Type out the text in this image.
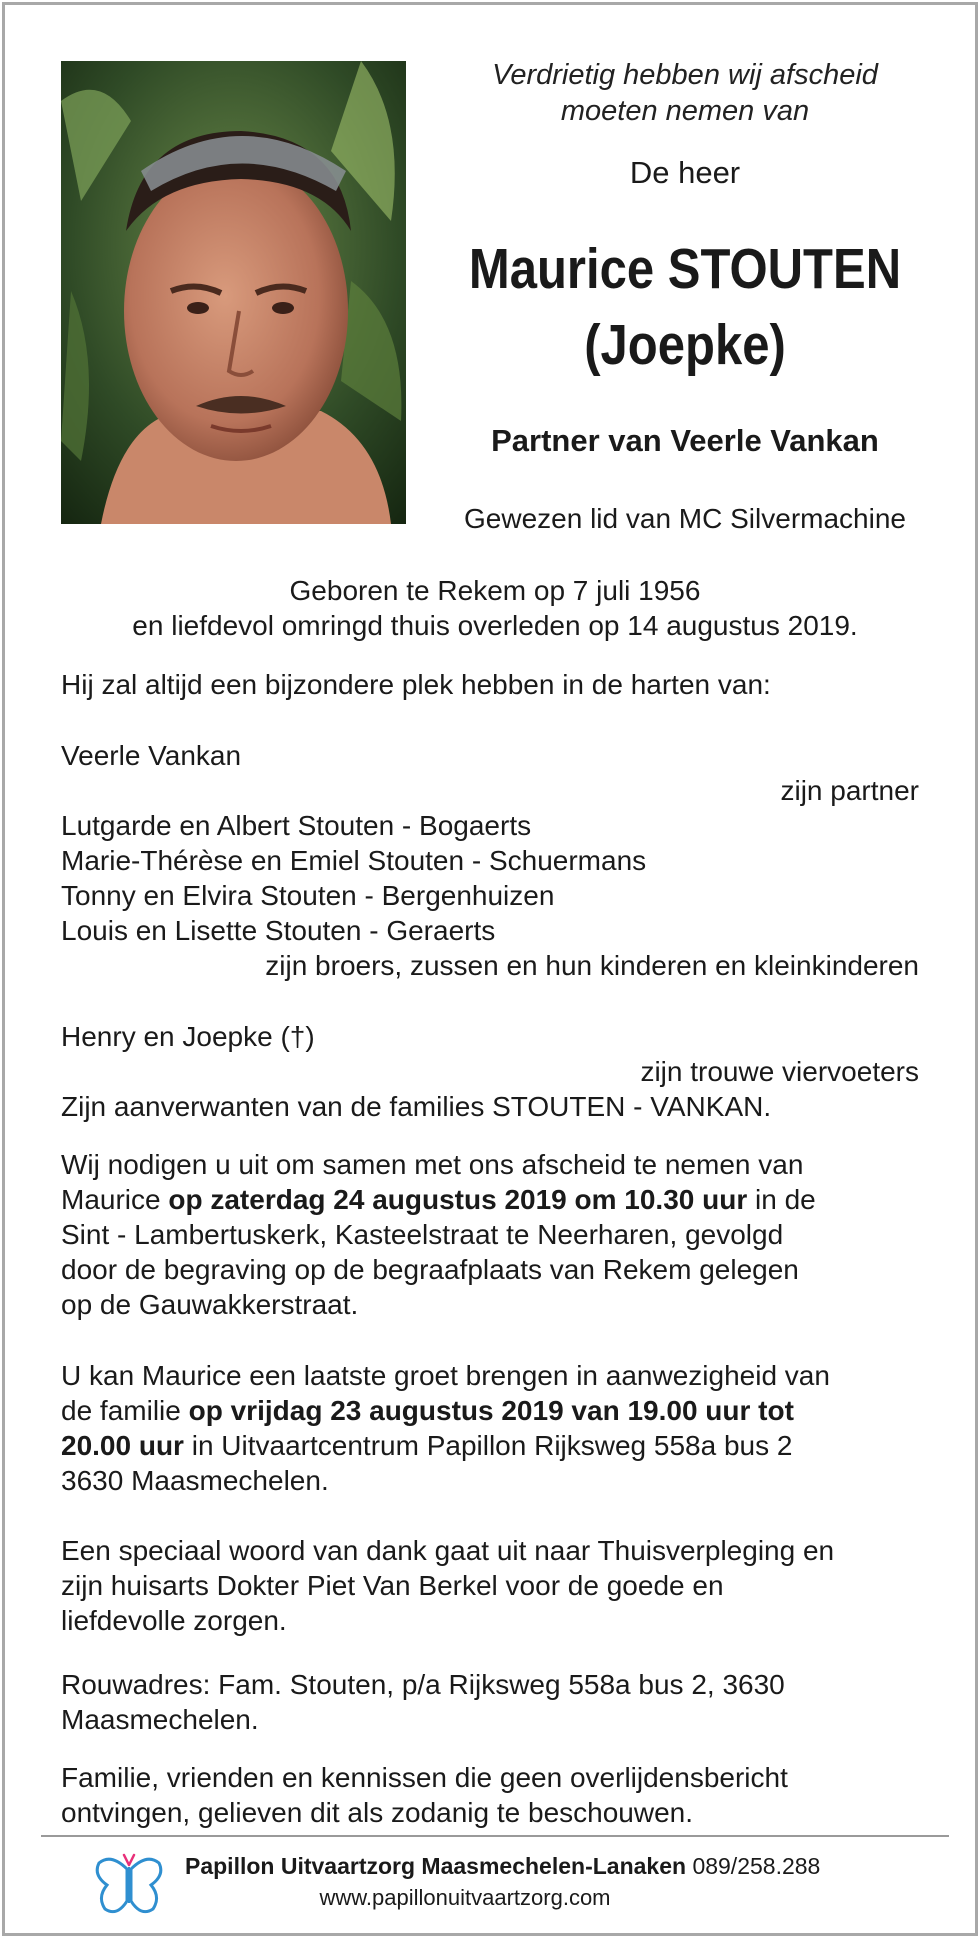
Verdrietig hebben wij afscheid
moeten nemen van
De heer
Maurice STOUTEN
(Joepke)
Partner van Veerle Vankan
Gewezen lid van MC Silvermachine
Geboren te Rekem op 7 juli 1956
en liefdevol omringd thuis overleden op 14 augustus 2019.
Hij zal altijd een bijzondere plek hebben in de harten van:
Veerle Vankan
zijn partner
Lutgarde en Albert Stouten - Bogaerts
Marie-Thérèse en Emiel Stouten - Schuermans
Tonny en Elvira Stouten - Bergenhuizen
Louis en Lisette Stouten - Geraerts
zijn broers, zussen en hun kinderen en kleinkinderen
Henry en Joepke (†)
zijn trouwe viervoeters
Zijn aanverwanten van de families STOUTEN - VANKAN.
Wij nodigen u uit om samen met ons afscheid te nemen van
Maurice op zaterdag 24 augustus 2019 om 10.30 uur in de
Sint - Lambertuskerk, Kasteelstraat te Neerharen, gevolgd
door de begraving op de begraafplaats van Rekem gelegen
op de Gauwakkerstraat.
U kan Maurice een laatste groet brengen in aanwezigheid van
de familie op vrijdag 23 augustus 2019 van 19.00 uur tot
20.00 uur in Uitvaartcentrum Papillon Rijksweg 558a bus 2
3630 Maasmechelen.
Een speciaal woord van dank gaat uit naar Thuisverpleging en
zijn huisarts Dokter Piet Van Berkel voor de goede en
liefdevolle zorgen.
Rouwadres: Fam. Stouten, p/a Rijksweg 558a bus 2, 3630
Maasmechelen.
Familie, vrienden en kennissen die geen overlijdensbericht
ontvingen, gelieven dit als zodanig te beschouwen.
Papillon Uitvaartzorg Maasmechelen-Lanaken 089/258.288
www.papillonuitvaartzorg.com
